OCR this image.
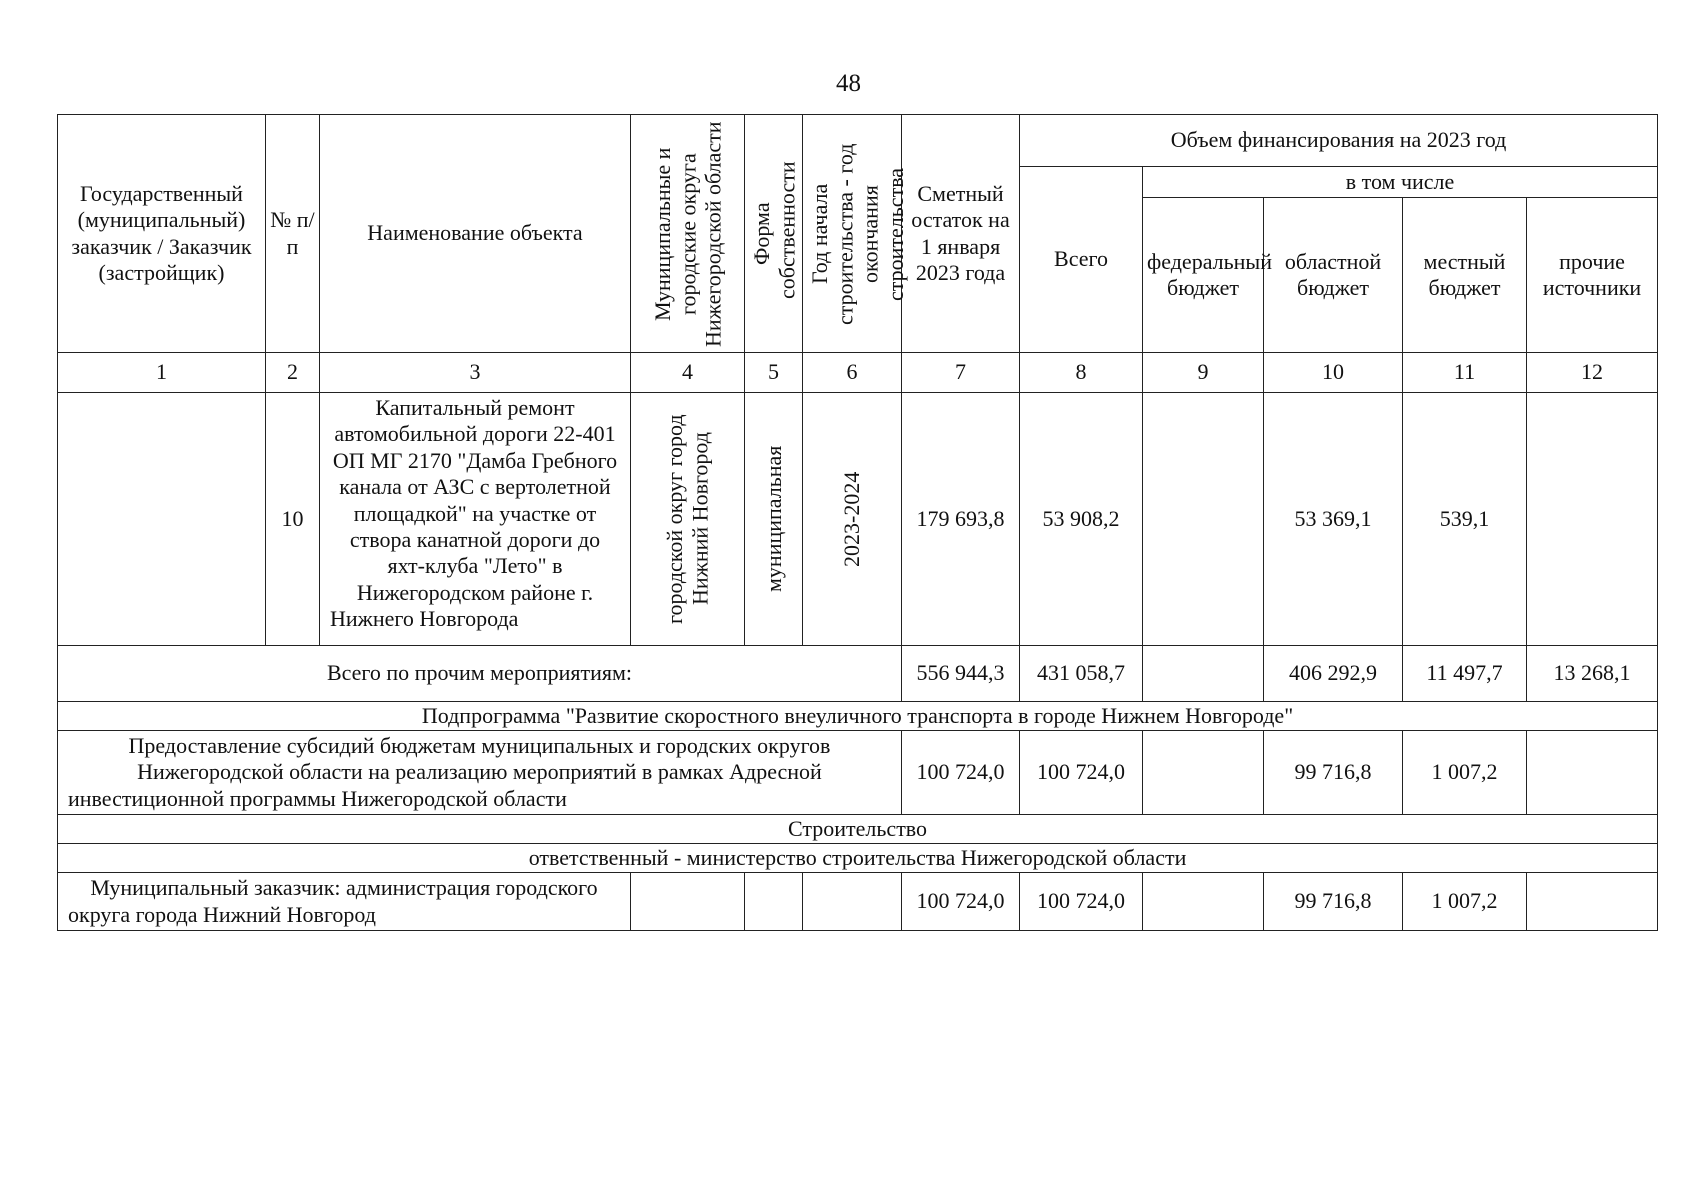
48
Государственный (муниципальный) заказчик / Заказчик (застройщик)	№ п/п	Наименование объекта	Муниципальные и городские округа Нижегородской области	Форма собственности	Год начала строительства - год окончания строительства	Сметный остаток на 1 января 2023 года	Объем финансирования на 2023 год				
							Всего	в том числе			
								федеральный бюджет	областной бюджет	местный бюджет	прочие источники
1	2	3	4	5	6	7	8	9	10	11	12
	10	Капитальный ремонт автомобильной дороги 22-401 ОП МГ 2170 "Дамба Гребного канала от АЗС с вертолетной площадкой" на участке от створа канатной дороги до яхт-клуба "Лето" в Нижегородском районе г. Нижнего Новгорода	городской округ город Нижний Новгород	муниципальная	2023-2024	179 693,8	53 908,2		53 369,1	539,1	
Всего по прочим мероприятиям:						556 944,3	431 058,7		406 292,9	11 497,7	13 268,1
Подпрограмма "Развитие скоростного внеуличного транспорта в городе Нижнем Новгороде"											
Предоставление субсидий бюджетам муниципальных и городских округов Нижегородской области на реализацию мероприятий в рамках Адресной инвестиционной программы Нижегородской области						100 724,0	100 724,0		99 716,8	1 007,2	
Строительство											
ответственный - министерство строительства Нижегородской области											
Муниципальный заказчик: администрация городского округа города Нижний Новгород						100 724,0	100 724,0		99 716,8	1 007,2	
